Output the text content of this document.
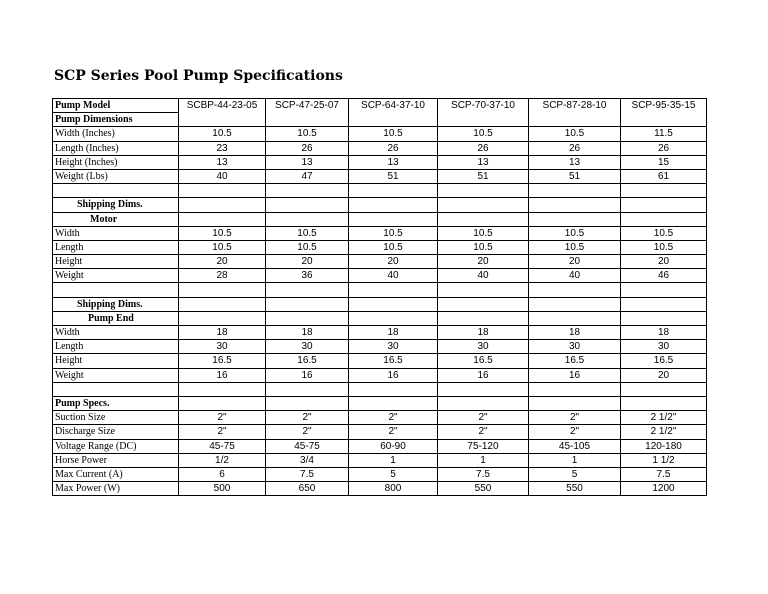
SCP Series Pool Pump Specifications
Pump Model	SCBP-44-23-05	SCP-47-25-07	SCP-64-37-10	SCP-70-37-10	SCP-87-28-10	SCP-95-35-15
Pump Dimensions						
Width (Inches)	10.5	10.5	10.5	10.5	10.5	11.5
Length (Inches)	23	26	26	26	26	26
Height (Inches)	13	13	13	13	13	15
Weight (Lbs)	40	47	51	51	51	61

Shipping Dims.						
Motor						
Width	10.5	10.5	10.5	10.5	10.5	10.5
Length	10.5	10.5	10.5	10.5	10.5	10.5
Height	20	20	20	20	20	20
Weight	28	36	40	40	40	46

Shipping Dims.						
Pump End						
Width	18	18	18	18	18	18
Length	30	30	30	30	30	30
Height	16.5	16.5	16.5	16.5	16.5	16.5
Weight	16	16	16	16	16	20

Pump Specs.						
Suction Size	2"	2"	2"	2"	2"	2 1/2"
Discharge Size	2"	2"	2"	2"	2"	2 1/2"
Voltage Range (DC)	45-75	45-75	60-90	75-120	45-105	120-180
Horse Power	1/2	3/4	1	1	1	1 1/2
Max Current (A)	6	7.5	5	7.5	5	7.5
Max Power (W)	500	650	800	550	550	1200
